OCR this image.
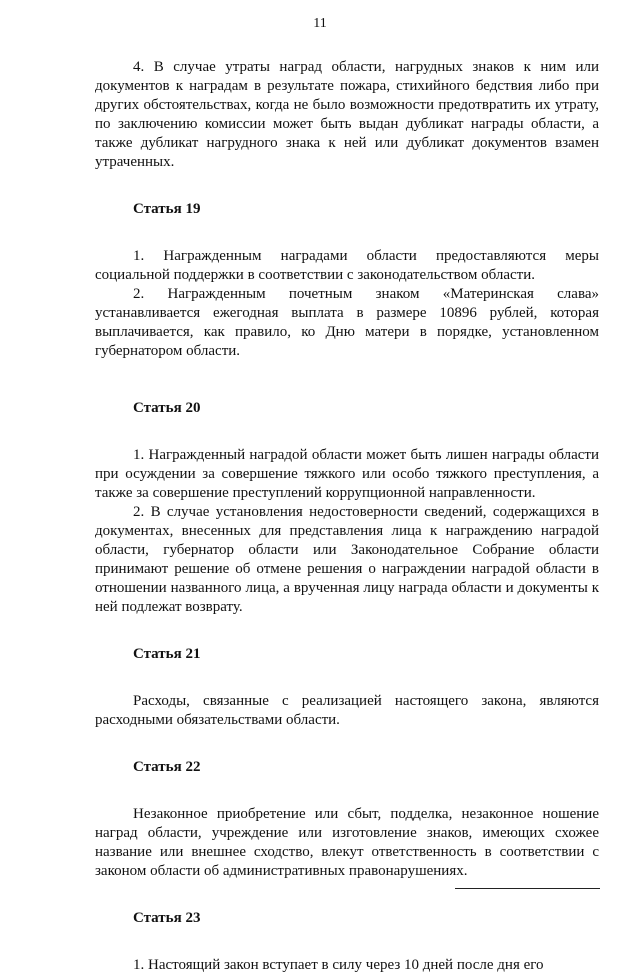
11

4. В случае утраты наград области, нагрудных знаков к ним или документов к наградам в результате пожара, стихийного бедствия либо при других обстоятельствах, когда не было возможности предотвратить их утрату, по заключению комиссии может быть выдан дубликат награды области, а также дубликат нагрудного знака к ней или дубликат документов взамен утраченных.

Статья 19

1. Награжденным наградами области предоставляются меры социальной поддержки в соответствии с законодательством области.

2. Награжденным почетным знаком «Материнская слава» устанавливается ежегодная выплата в размере 10896 рублей, которая выплачивается, как правило, ко Дню матери в порядке, установленном губернатором области.

Статья 20

1. Награжденный наградой области может быть лишен награды области при осуждении за совершение тяжкого или особо тяжкого преступления, а также за совершение преступлений коррупционной направленности.

2. В случае установления недостоверности сведений, содержащихся в документах, внесенных для представления лица к награждению наградой области, губернатор области или Законодательное Собрание области принимают решение об отмене решения о награждении наградой области в отношении названного лица, а врученная лицу награда области и документы к ней подлежат возврату.

Статья 21

Расходы, связанные с реализацией настоящего закона, являются расходными обязательствами области.

Статья 22

Незаконное приобретение или сбыт, подделка, незаконное ношение наград области, учреждение или изготовление знаков, имеющих схожее название или внешнее сходство, влекут ответственность в соответствии с законом области об административных правонарушениях.

Статья 23

1. Настоящий закон вступает в силу через 10 дней после дня его
